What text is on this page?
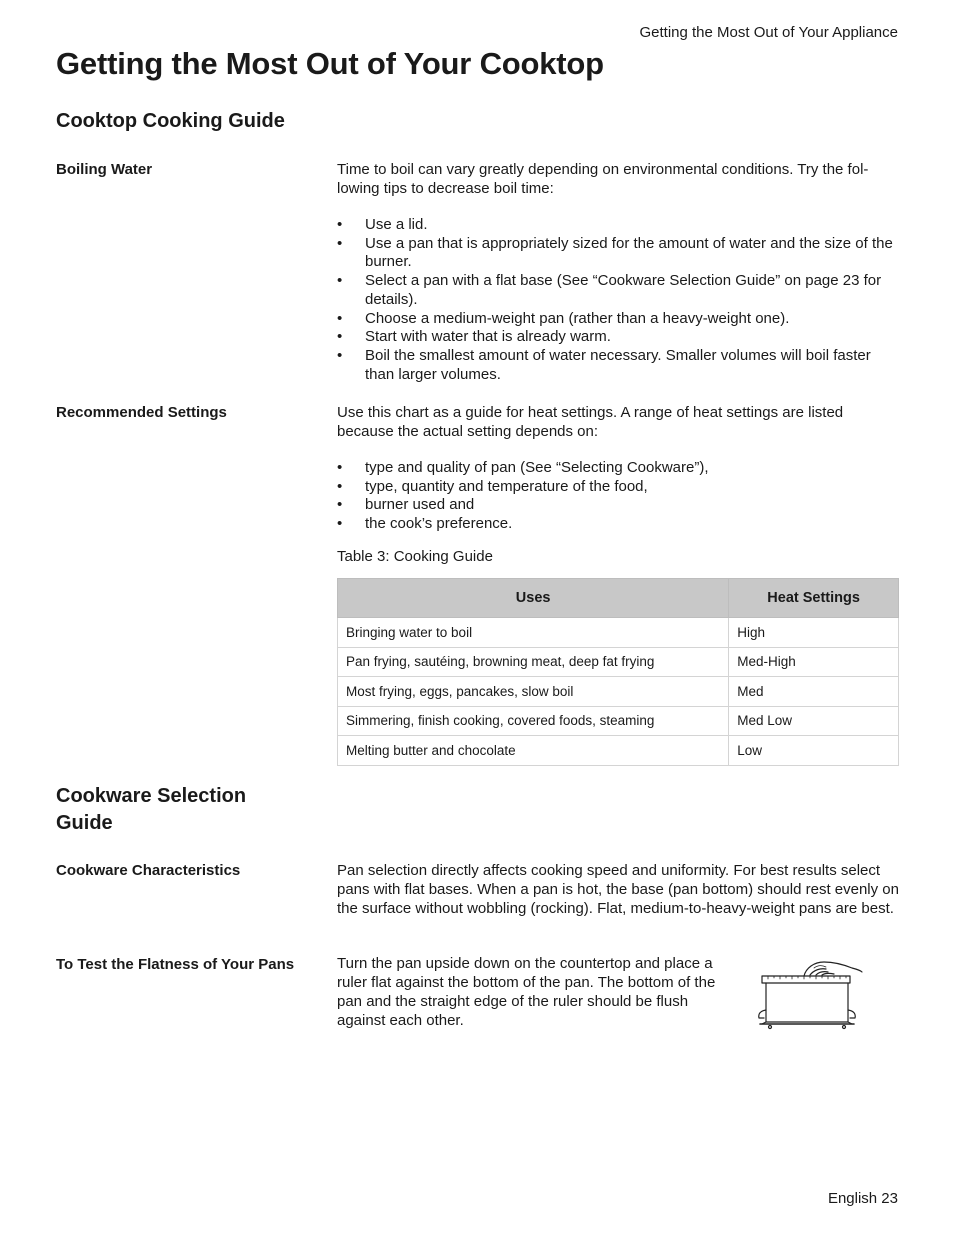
Getting the Most Out of Your Appliance
Getting the Most Out of Your Cooktop
Cooktop Cooking Guide
Boiling Water	Time to boil can vary greatly depending on environmental conditions. Try the fol-lowing tips to decrease boil time:

• Use a lid.
• Use a pan that is appropriately sized for the amount of water and the size of the burner.
• Select a pan with a flat base (See “Cookware Selection Guide” on page 23 for details).
• Choose a medium-weight pan (rather than a heavy-weight one).
• Start with water that is already warm.
• Boil the smallest amount of water necessary. Smaller volumes will boil faster than larger volumes.
Recommended Settings	Use this chart as a guide for heat settings. A range of heat settings are listed because the actual setting depends on:

• type and quality of pan (See “Selecting Cookware”),
• type, quantity and temperature of the food,
• burner used and
• the cook’s preference.
Table 3: Cooking Guide
Uses	Heat Settings
Bringing water to boil	High
Pan frying, sautéing, browning meat, deep fat frying	Med-High
Most frying, eggs, pancakes, slow boil	Med
Simmering, finish cooking, covered foods, steaming	Med Low
Melting butter and chocolate	Low
Cookware Selection
Guide
Cookware Characteristics	Pan selection directly affects cooking speed and uniformity. For best results select pans with flat bases. When a pan is hot, the base (pan bottom) should rest evenly on the surface without wobbling (rocking). Flat, medium-to-heavy-weight pans are best.

To Test the Flatness of Your Pans	Turn the pan upside down on the countertop and place a ruler flat against the bottom of the pan. The bottom of the pan and the straight edge of the ruler should be flush against each other.

English 23
